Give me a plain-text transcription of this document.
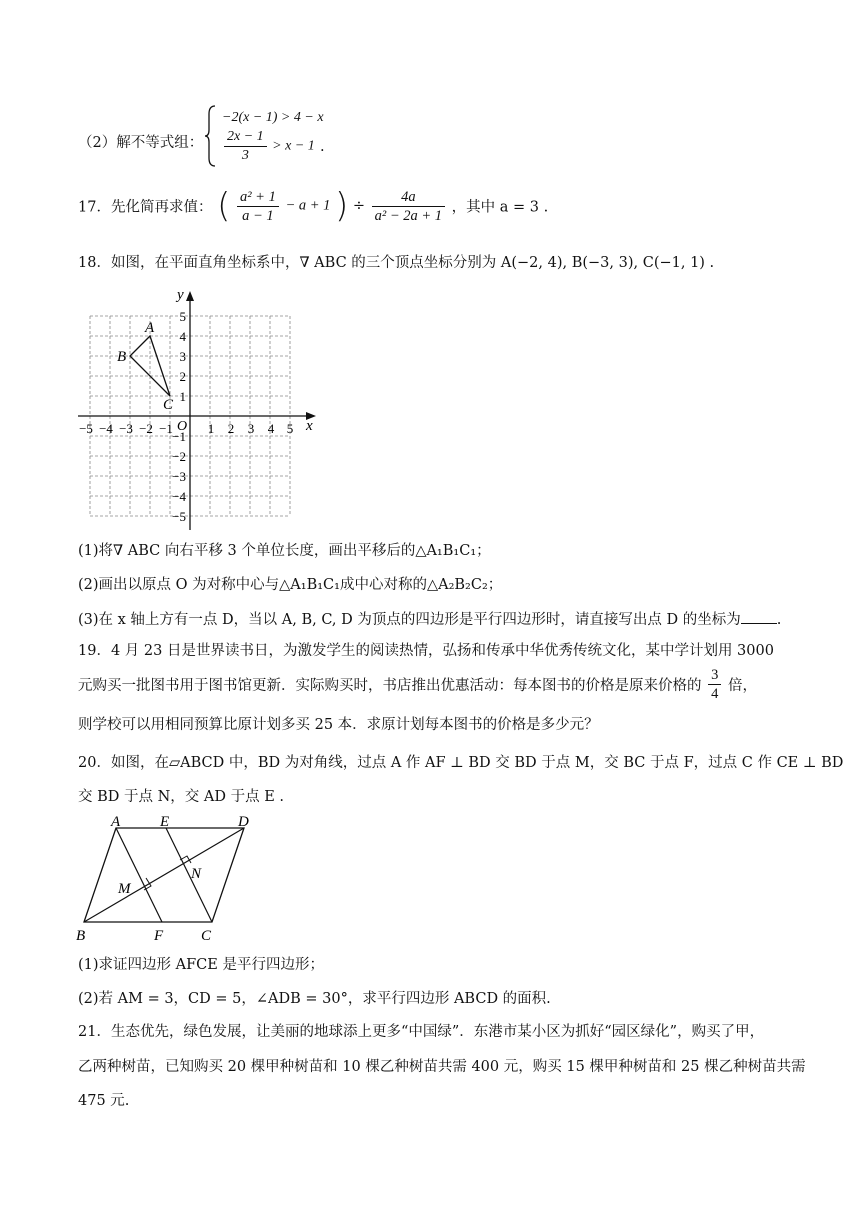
（2）解不等式组：
−2(x − 1) > 4 − x
$\frac{2x - 1}{3} > x - 1$ .
17．先化简再求值： ( $\frac{\text{a² + 1}}{a - 1} - a + 1$ ) ÷ $\frac{4a}{\text{a² − 2a + 1}}$ ，其中 a = 3 .
18．如图，在平面直角坐标系中，∇ ABC 的三个顶点坐标分别为 A(−2, 4), B(−3, 3), C(−1, 1) .
x
y
O
−5 −4 −3 −2 −1	1 2 3 4 5
5
4
3
2
1
−1
−2
−3
−4
−5
A
B
C
(1)将∇ ABC 向右平移 3 个单位长度，画出平移后的△A₁B₁C₁；
(2)画出以原点 O 为对称中心与△A₁B₁C₁成中心对称的△A₂B₂C₂；
(3)在 x 轴上方有一点 D，当以 A, B, C, D 为顶点的四边形是平行四边形时，请直接写出点 D 的坐标为 .
19．4 月 23 日是世界读书日，为激发学生的阅读热情，弘扬和传承中华优秀传统文化，某中学计划用 3000
元购买一批图书用于图书馆更新．实际购买时，书店推出优惠活动：每本图书的价格是原来价格的 $\frac{3}{4}$ 倍，
则学校可以用相同预算比原计划多买 25 本．求原计划每本图书的价格是多少元？
20．如图，在▱ABCD 中，BD 为对角线，过点 A 作 AF ⊥ BD 交 BD 于点 M，交 BC 于点 F，过点 C 作 CE ⊥ BD
交 BD 于点 N，交 AD 于点 E .
A	E	D
M
N
B	F	C
(1)求证四边形 AFCE 是平行四边形；
(2)若 AM = 3，CD = 5，∠ADB = 30°，求平行四边形 ABCD 的面积.
21．生态优先，绿色发展，让美丽的地球添上更多“中国绿”．东港市某小区为抓好“园区绿化”，购买了甲，
乙两种树苗，已知购买 20 棵甲种树苗和 10 棵乙种树苗共需 400 元，购买 15 棵甲种树苗和 25 棵乙种树苗共需
475 元.
